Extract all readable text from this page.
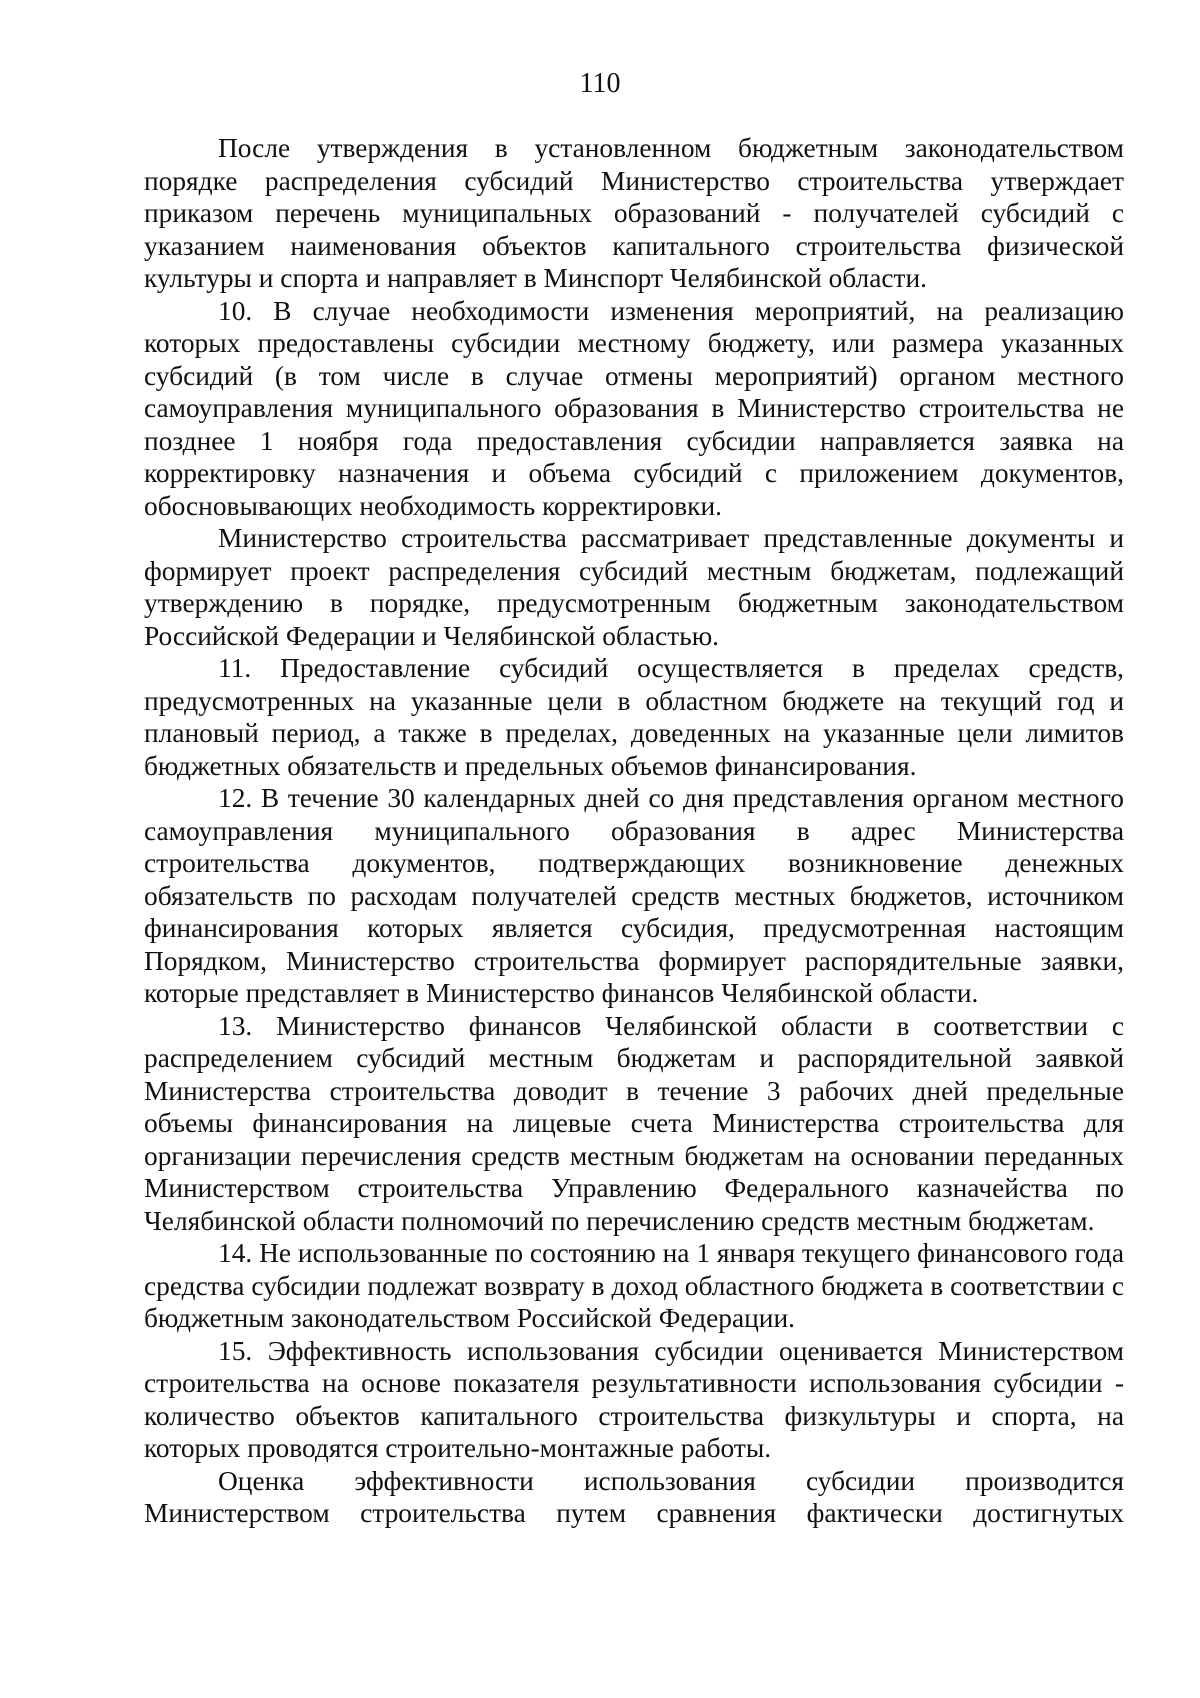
110

После утверждения в установленном бюджетным законодательством порядке распределения субсидий Министерство строительства утверждает приказом перечень муниципальных образований - получателей субсидий с указанием наименования объектов капитального строительства физической культуры и спорта и направляет в Минспорт Челябинской области.

10. В случае необходимости изменения мероприятий, на реализацию которых предоставлены субсидии местному бюджету, или размера указанных субсидий (в том числе в случае отмены мероприятий) органом местного самоуправления муниципального образования в Министерство строительства не позднее 1 ноября года предоставления субсидии направляется заявка на корректировку назначения и объема субсидий с приложением документов, обосновывающих необходимость корректировки.

Министерство строительства рассматривает представленные документы и формирует проект распределения субсидий местным бюджетам, подлежащий утверждению в порядке, предусмотренным бюджетным законодательством Российской Федерации и Челябинской областью.

11. Предоставление субсидий осуществляется в пределах средств, предусмотренных на указанные цели в областном бюджете на текущий год и плановый период, а также в пределах, доведенных на указанные цели лимитов бюджетных обязательств и предельных объемов финансирования.

12. В течение 30 календарных дней со дня представления органом местного самоуправления муниципального образования в адрес Министерства строительства документов, подтверждающих возникновение денежных обязательств по расходам получателей средств местных бюджетов, источником финансирования которых является субсидия, предусмотренная настоящим Порядком, Министерство строительства формирует распорядительные заявки, которые представляет в Министерство финансов Челябинской области.

13. Министерство финансов Челябинской области в соответствии с распределением субсидий местным бюджетам и распорядительной заявкой Министерства строительства доводит в течение 3 рабочих дней предельные объемы финансирования на лицевые счета Министерства строительства для организации перечисления средств местным бюджетам на основании переданных Министерством строительства Управлению Федерального казначейства по Челябинской области полномочий по перечислению средств местным бюджетам.

14. Не использованные по состоянию на 1 января текущего финансового года средства субсидии подлежат возврату в доход областного бюджета в соответствии с бюджетным законодательством Российской Федерации.

15. Эффективность использования субсидии оценивается Министерством строительства на основе показателя результативности использования субсидии - количество объектов капитального строительства физкультуры и спорта, на которых проводятся строительно-монтажные работы.

Оценка эффективности использования субсидии производится Министерством строительства путем сравнения фактически достигнутых
